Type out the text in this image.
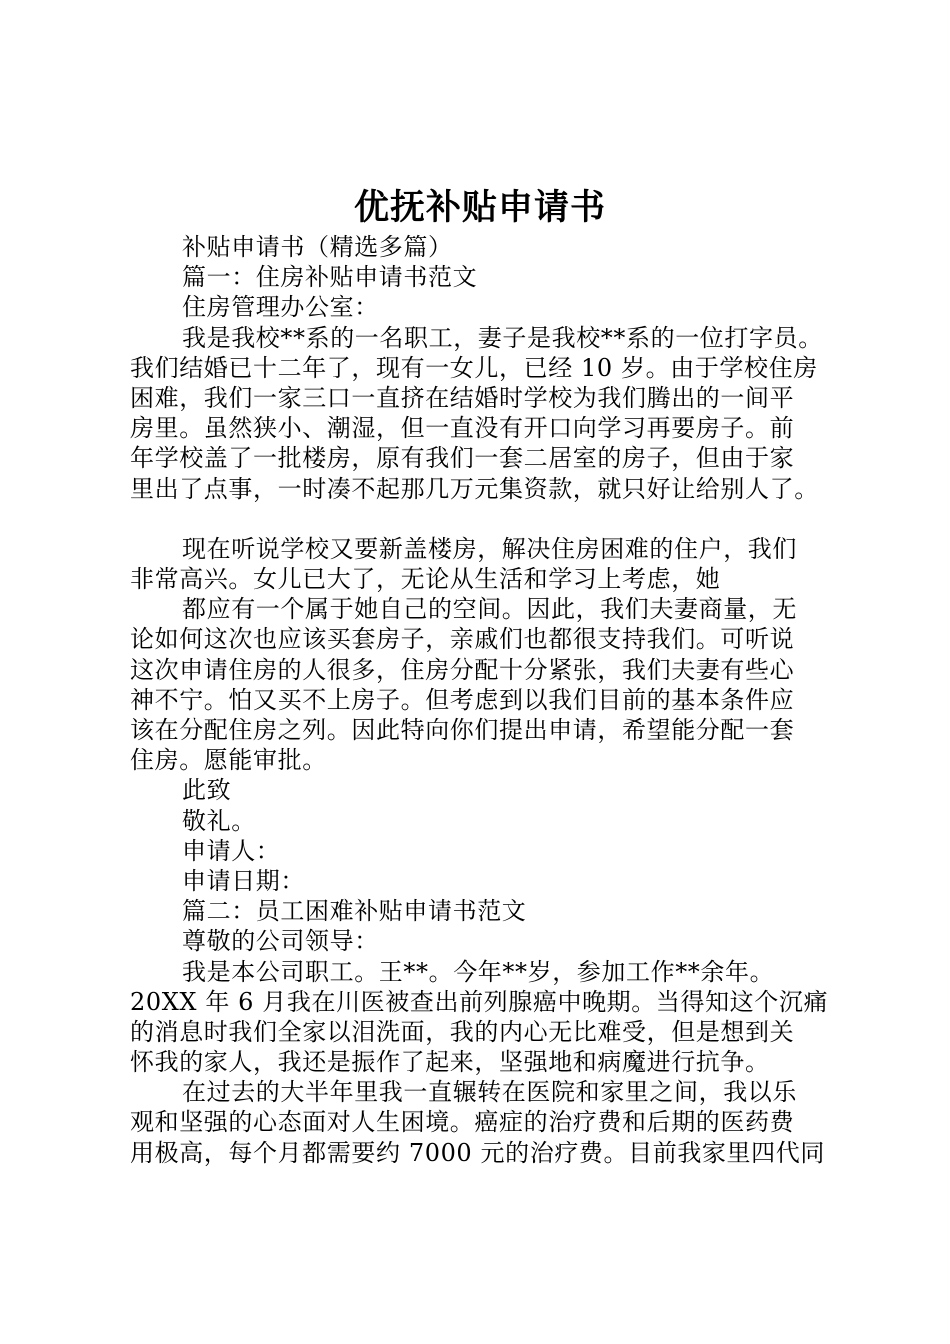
优抚补贴申请书
补贴申请书（精选多篇）
篇一：住房补贴申请书范文
住房管理办公室：
我是我校**系的一名职工，妻子是我校**系的一位打字员。
我们结婚已十二年了，现有一女儿，已经 10 岁。由于学校住房
困难，我们一家三口一直挤在结婚时学校为我们腾出的一间平
房里。虽然狭小、潮湿，但一直没有开口向学习再要房子。前
年学校盖了一批楼房，原有我们一套二居室的房子，但由于家
里出了点事，一时凑不起那几万元集资款，就只好让给别人了。
现在听说学校又要新盖楼房，解决住房困难的住户，我们
非常高兴。女儿已大了，无论从生活和学习上考虑，她
都应有一个属于她自己的空间。因此，我们夫妻商量，无
论如何这次也应该买套房子，亲戚们也都很支持我们。可听说
这次申请住房的人很多，住房分配十分紧张，我们夫妻有些心
神不宁。怕又买不上房子。但考虑到以我们目前的基本条件应
该在分配住房之列。因此特向你们提出申请，希望能分配一套
住房。愿能审批。
此致
敬礼。
申请人：
申请日期：
篇二：员工困难补贴申请书范文
尊敬的公司领导：
我是本公司职工。王**。今年**岁，参加工作**余年。
20XX 年 6 月我在川医被查出前列腺癌中晚期。当得知这个沉痛
的消息时我们全家以泪洗面，我的内心无比难受，但是想到关
怀我的家人，我还是振作了起来，坚强地和病魔进行抗争。
在过去的大半年里我一直辗转在医院和家里之间，我以乐
观和坚强的心态面对人生困境。癌症的治疗费和后期的医药费
用极高，每个月都需要约 7000 元的治疗费。目前我家里四代同
